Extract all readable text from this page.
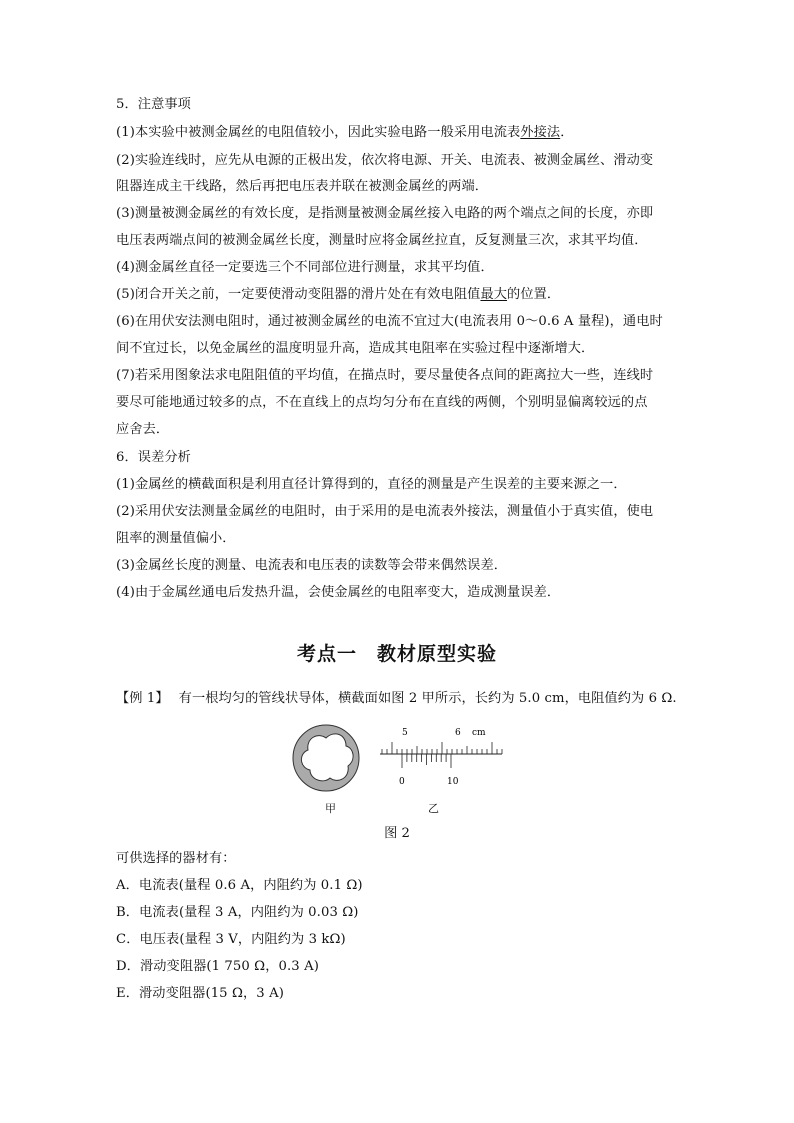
5．注意事项
(1)本实验中被测金属丝的电阻值较小，因此实验电路一般采用电流表外接法．
(2)实验连线时，应先从电源的正极出发，依次将电源、开关、电流表、被测金属丝、滑动变
阻器连成主干线路，然后再把电压表并联在被测金属丝的两端．
(3)测量被测金属丝的有效长度，是指测量被测金属丝接入电路的两个端点之间的长度，亦即
电压表两端点间的被测金属丝长度，测量时应将金属丝拉直，反复测量三次，求其平均值．
(4)测金属丝直径一定要选三个不同部位进行测量，求其平均值．
(5)闭合开关之前，一定要使滑动变阻器的滑片处在有效电阻值最大的位置．
(6)在用伏安法测电阻时，通过被测金属丝的电流不宜过大(电流表用 0～0.6 A 量程)，通电时
间不宜过长，以免金属丝的温度明显升高，造成其电阻率在实验过程中逐渐增大．
(7)若采用图象法求电阻阻值的平均值，在描点时，要尽量使各点间的距离拉大一些，连线时
要尽可能地通过较多的点，不在直线上的点均匀分布在直线的两侧，个别明显偏离较远的点
应舍去．
6．误差分析
(1)金属丝的横截面积是利用直径计算得到的，直径的测量是产生误差的主要来源之一．
(2)采用伏安法测量金属丝的电阻时，由于采用的是电流表外接法，测量值小于真实值，使电
阻率的测量值偏小．
(3)金属丝长度的测量、电流表和电压表的读数等会带来偶然误差．
(4)由于金属丝通电后发热升温，会使金属丝的电阻率变大，造成测量误差．
考点一　教材原型实验
【例 1】 有一根均匀的管线状导体，横截面如图 2 甲所示，长约为 5.0 cm，电阻值约为 6 Ω.
5	6 cm
0	10
甲	乙
图 2
可供选择的器材有：
A．电流表(量程 0.6 A，内阻约为 0.1 Ω)
B．电流表(量程 3 A，内阻约为 0.03 Ω)
C．电压表(量程 3 V，内阻约为 3 kΩ)
D．滑动变阻器(1 750 Ω，0.3 A)
E．滑动变阻器(15 Ω，3 A)
